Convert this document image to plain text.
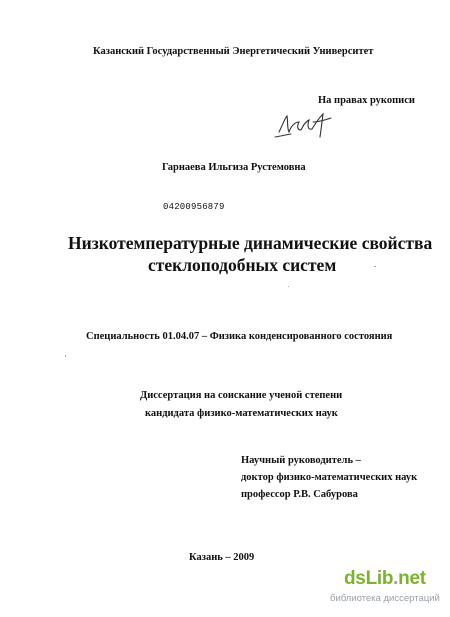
Казанский Государственный Энергетический Университет
На правах рукописи
Гарнаева Ильгиза Рустемовна
04200956879
Низкотемпературные динамические свойства
стеклоподобных систем
Специальность 01.04.07 – Физика конденсированного состояния
Диссертация на соискание ученой степени
кандидата физико-математических наук
Научный руководитель –
доктор физико-математических наук
профессор Р.В. Сабурова
Казань – 2009
dsLib.net
библиотека диссертаций
